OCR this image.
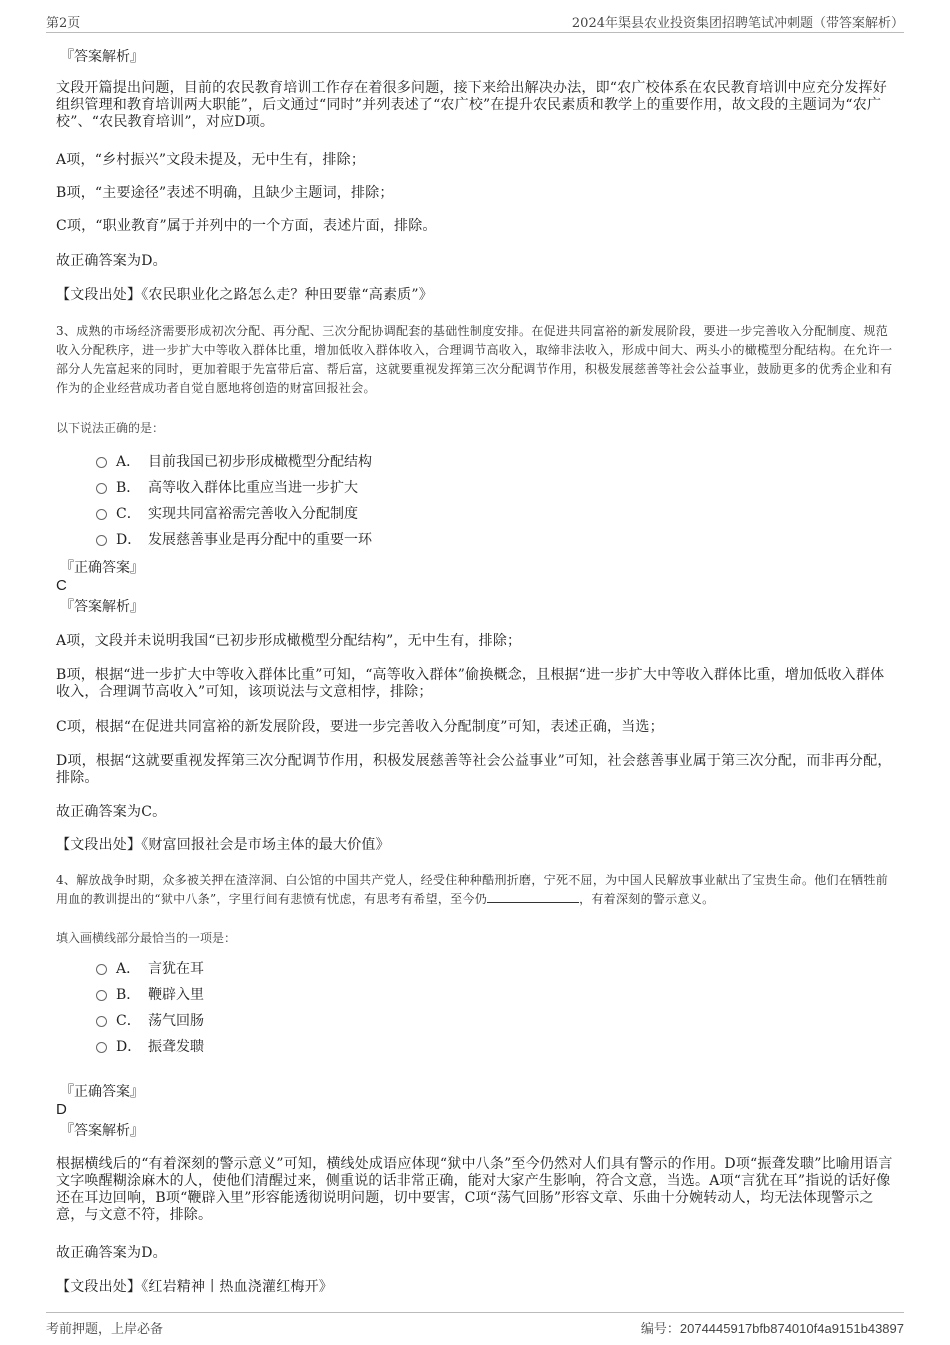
第2页	2024年渠县农业投资集团招聘笔试冲刺题（带答案解析）
『答案解析』
文段开篇提出问题，目前的农民教育培训工作存在着很多问题，接下来给出解决办法，即“农广校体系在农民教育培训中应充分发挥好组织管理和教育培训两大职能”，后文通过“同时”并列表述了“农广校”在提升农民素质和教学上的重要作用，故文段的主题词为“农广校”、“农民教育培训”，对应D项。
A项，“乡村振兴”文段未提及，无中生有，排除；
B项，“主要途径”表述不明确，且缺少主题词，排除；
C项，“职业教育”属于并列中的一个方面，表述片面，排除。
故正确答案为D。
【文段出处】《农民职业化之路怎么走？种田要靠“高素质”》
3、成熟的市场经济需要形成初次分配、再分配、三次分配协调配套的基础性制度安排。在促进共同富裕的新发展阶段，要进一步完善收入分配制度、规范收入分配秩序，进一步扩大中等收入群体比重，增加低收入群体收入，合理调节高收入，取缔非法收入，形成中间大、两头小的橄榄型分配结构。在允许一部分人先富起来的同时，更加着眼于先富带后富、帮后富，这就要重视发挥第三次分配调节作用，积极发展慈善等社会公益事业，鼓励更多的优秀企业和有作为的企业经营成功者自觉自愿地将创造的财富回报社会。
以下说法正确的是：
A． 目前我国已初步形成橄榄型分配结构
B． 高等收入群体比重应当进一步扩大
C． 实现共同富裕需完善收入分配制度
D． 发展慈善事业是再分配中的重要一环
『正确答案』
C
『答案解析』
A项，文段并未说明我国“已初步形成橄榄型分配结构”，无中生有，排除；
B项，根据“进一步扩大中等收入群体比重”可知，“高等收入群体”偷换概念，且根据“进一步扩大中等收入群体比重，增加低收入群体收入，合理调节高收入”可知，该项说法与文意相悖，排除；
C项，根据“在促进共同富裕的新发展阶段，要进一步完善收入分配制度”可知，表述正确，当选；
D项，根据“这就要重视发挥第三次分配调节作用，积极发展慈善等社会公益事业”可知，社会慈善事业属于第三次分配，而非再分配，排除。
故正确答案为C。
【文段出处】《财富回报社会是市场主体的最大价值》
4、解放战争时期，众多被关押在渣滓洞、白公馆的中国共产党人，经受住种种酷刑折磨，宁死不屈，为中国人民解放事业献出了宝贵生命。他们在牺牲前用血的教训提出的“狱中八条”，字里行间有悲愤有忧虑，有思考有希望，至今仍	，有着深刻的警示意义。
填入画横线部分最恰当的一项是：
A． 言犹在耳
B． 鞭辟入里
C． 荡气回肠
D． 振聋发聩
『正确答案』
D
『答案解析』
根据横线后的“有着深刻的警示意义”可知，横线处成语应体现“狱中八条”至今仍然对人们具有警示的作用。D项“振聋发聩”比喻用语言文字唤醒糊涂麻木的人，使他们清醒过来，侧重说的话非常正确，能对大家产生影响，符合文意，当选。A项“言犹在耳”指说的话好像还在耳边回响，B项“鞭辟入里”形容能透彻说明问题，切中要害，C项“荡气回肠”形容文章、乐曲十分婉转动人，均无法体现警示之意，与文意不符，排除。
故正确答案为D。
【文段出处】《红岩精神丨热血浇灌红梅开》
考前押题，上岸必备	编号：2074445917bfb874010f4a9151b43897
